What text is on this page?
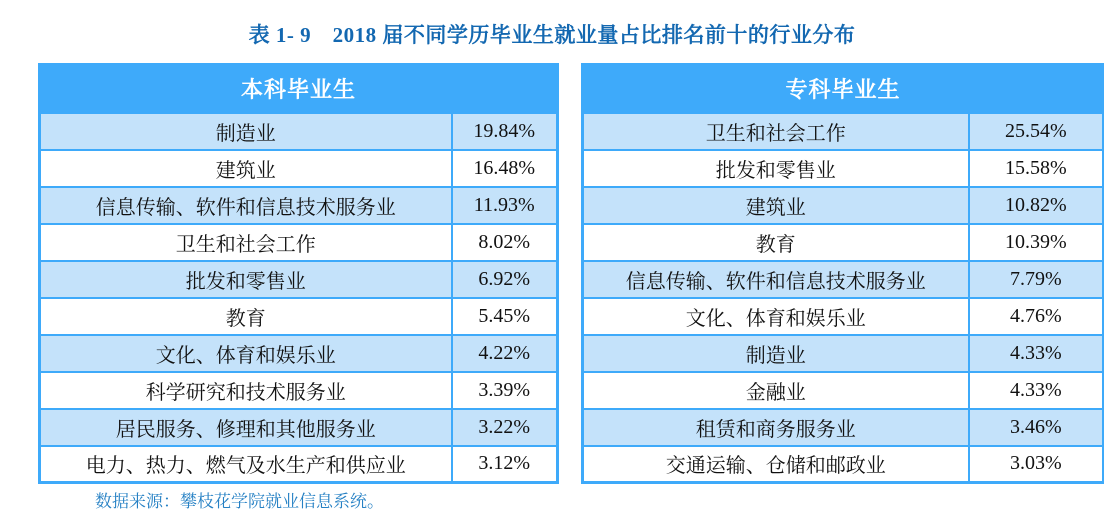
表 1- 9　2018 届不同学历毕业生就业量占比排名前十的行业分布
本科毕业生	
制造业	19.84%
建筑业	16.48%
信息传输、软件和信息技术服务业	11.93%
卫生和社会工作	8.02%
批发和零售业	6.92%
教育	5.45%
文化、体育和娱乐业	4.22%
科学研究和技术服务业	3.39%
居民服务、修理和其他服务业	3.22%
电力、热力、燃气及水生产和供应业	3.12%
专科毕业生	
卫生和社会工作	25.54%
批发和零售业	15.58%
建筑业	10.82%
教育	10.39%
信息传输、软件和信息技术服务业	7.79%
文化、体育和娱乐业	4.76%
制造业	4.33%
金融业	4.33%
租赁和商务服务业	3.46%
交通运输、仓储和邮政业	3.03%
数据来源：攀枝花学院就业信息系统。
